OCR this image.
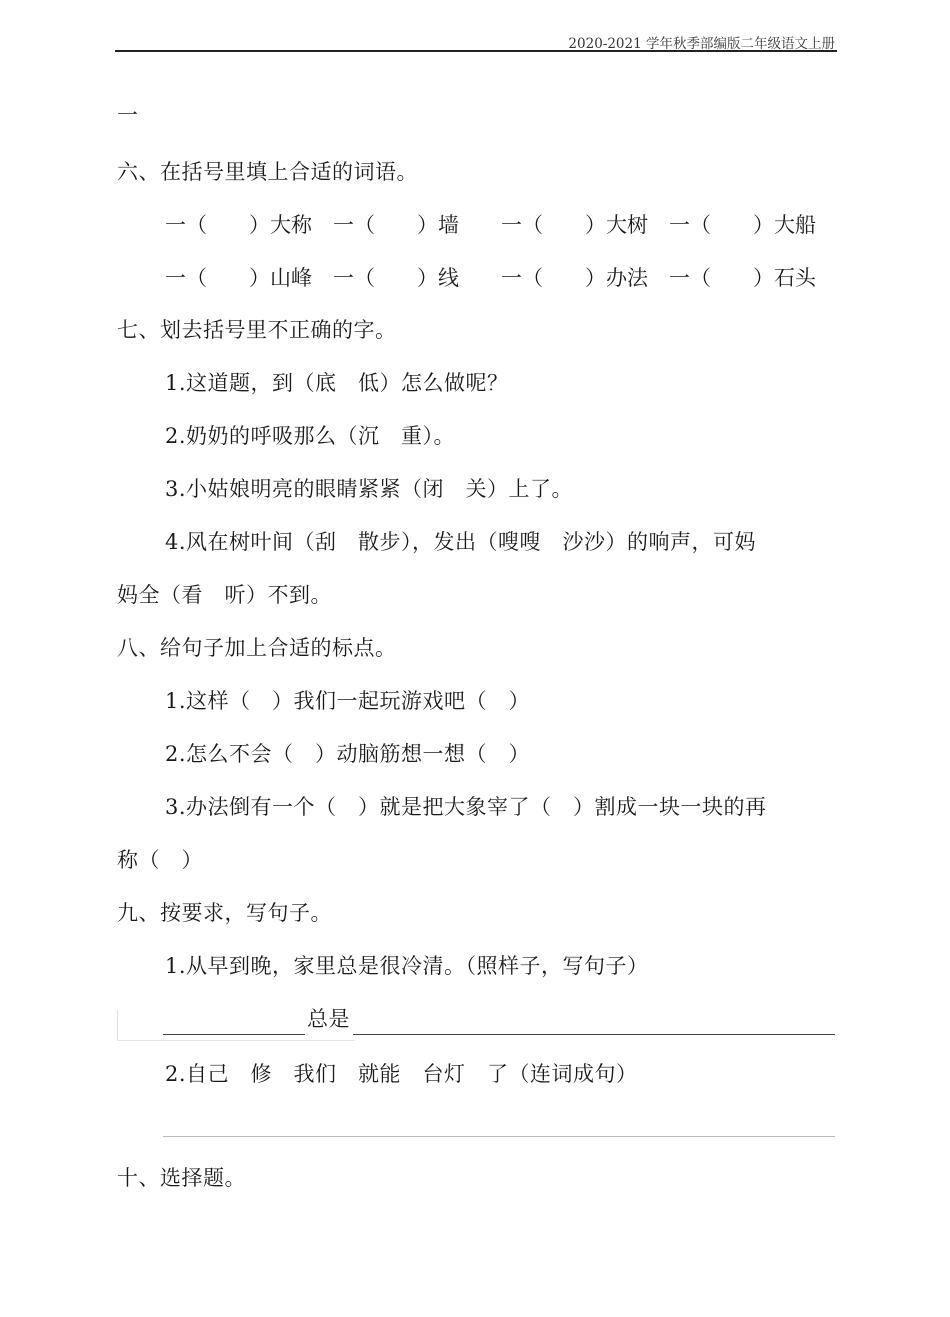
2020-2021 学年秋季部编版二年级语文上册
一
六、在括号里填上合适的词语。
一（　　）大称	一（　　）墙	一（　　）大树	一（　　）大船
一（　　）山峰	一（　　）线	一（　　）办法	一（　　）石头
七、划去括号里不正确的字。
1.这道题，到（底　低）怎么做呢？
2.奶奶的呼吸那么（沉　重）。
3.小姑娘明亮的眼睛紧紧（闭　关）上了。
4.风在树叶间（刮　散步），发出（嗖嗖　沙沙）的响声，可妈
妈全（看　听）不到。
八、给句子加上合适的标点。
1.这样（　）我们一起玩游戏吧（　）
2.怎么不会（　）动脑筋想一想（　）
3.办法倒有一个（　）就是把大象宰了（　）割成一块一块的再
称（　）
九、按要求，写句子。
1.从早到晚，家里总是很冷清。（照样子，写句子）
总是
2.自己　修　我们　就能　台灯　了（连词成句）
十、选择题。
